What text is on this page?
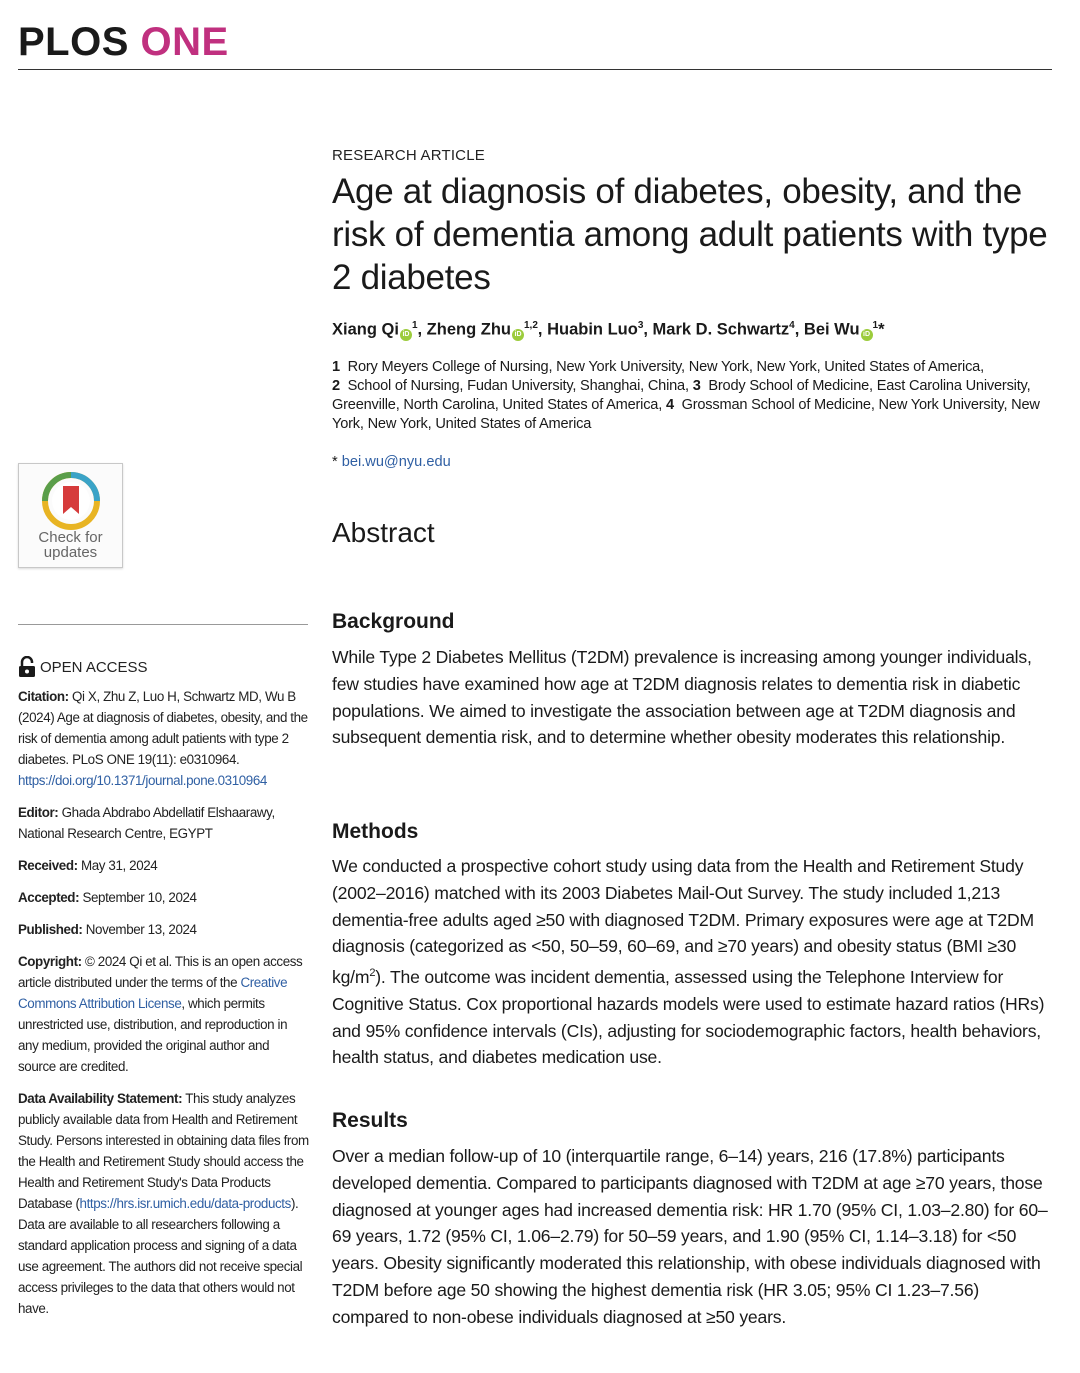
PLOS ONE
Check for
updates
OPEN ACCESS
Citation: Qi X, Zhu Z, Luo H, Schwartz MD, Wu B (2024) Age at diagnosis of diabetes, obesity, and the risk of dementia among adult patients with type 2 diabetes. PLoS ONE 19(11): e0310964. https://doi.org/10.1371/journal.pone.0310964
Editor: Ghada Abdrabo Abdellatif Elshaarawy, National Research Centre, EGYPT
Received: May 31, 2024
Accepted: September 10, 2024
Published: November 13, 2024
Copyright: © 2024 Qi et al. This is an open access article distributed under the terms of the Creative Commons Attribution License, which permits unrestricted use, distribution, and reproduction in any medium, provided the original author and source are credited.
Data Availability Statement: This study analyzes publicly available data from Health and Retirement Study. Persons interested in obtaining data files from the Health and Retirement Study should access the Health and Retirement Study's Data Products Database (https://hrs.isr.umich.edu/data-products). Data are available to all researchers following a standard application process and signing of a data use agreement. The authors did not receive special access privileges to the data that others would not have.
RESEARCH ARTICLE
Age at diagnosis of diabetes, obesity, and the risk of dementia among adult patients with type 2 diabetes
Xiang Qi $iD^1$, Zheng Zhu iD$^{1,2}$, Huabin Luo$^3$, Mark D. Schwartz$^4$, Bei Wu $iD^1*$
1 Rory Meyers College of Nursing, New York University, New York, New York, United States of America,
2 School of Nursing, Fudan University, Shanghai, China, 3 Brody School of Medicine, East Carolina University, Greenville, North Carolina, United States of America, 4 Grossman School of Medicine, New York University, New York, New York, United States of America
* bei.wu@nyu.edu
Abstract
Background
While Type 2 Diabetes Mellitus (T2DM) prevalence is increasing among younger individuals, few studies have examined how age at T2DM diagnosis relates to dementia risk in diabetic populations. We aimed to investigate the association between age at T2DM diagnosis and subsequent dementia risk, and to determine whether obesity moderates this relationship.
Methods
We conducted a prospective cohort study using data from the Health and Retirement Study (2002–2016) matched with its 2003 Diabetes Mail-Out Survey. The study included 1,213 dementia-free adults aged ≥50 with diagnosed T2DM. Primary exposures were age at T2DM diagnosis (categorized as <50, 50–59, 60–69, and ≥70 years) and obesity status (BMI ≥30 $kg/m^2$). The outcome was incident dementia, assessed using the Telephone Interview for Cognitive Status. Cox proportional hazards models were used to estimate hazard ratios (HRs) and 95% confidence intervals (CIs), adjusting for sociodemographic factors, health behaviors, health status, and diabetes medication use.
Results
Over a median follow-up of 10 (interquartile range, 6–14) years, 216 (17.8%) participants developed dementia. Compared to participants diagnosed with T2DM at age ≥70 years, those diagnosed at younger ages had increased dementia risk: HR 1.70 (95% CI, 1.03–2.80) for 60–69 years, 1.72 (95% CI, 1.06–2.79) for 50–59 years, and 1.90 (95% CI, 1.14–3.18) for <50 years. Obesity significantly moderated this relationship, with obese individuals diagnosed with T2DM before age 50 showing the highest dementia risk (HR 3.05; 95% CI 1.23–7.56) compared to non-obese individuals diagnosed at ≥50 years.
